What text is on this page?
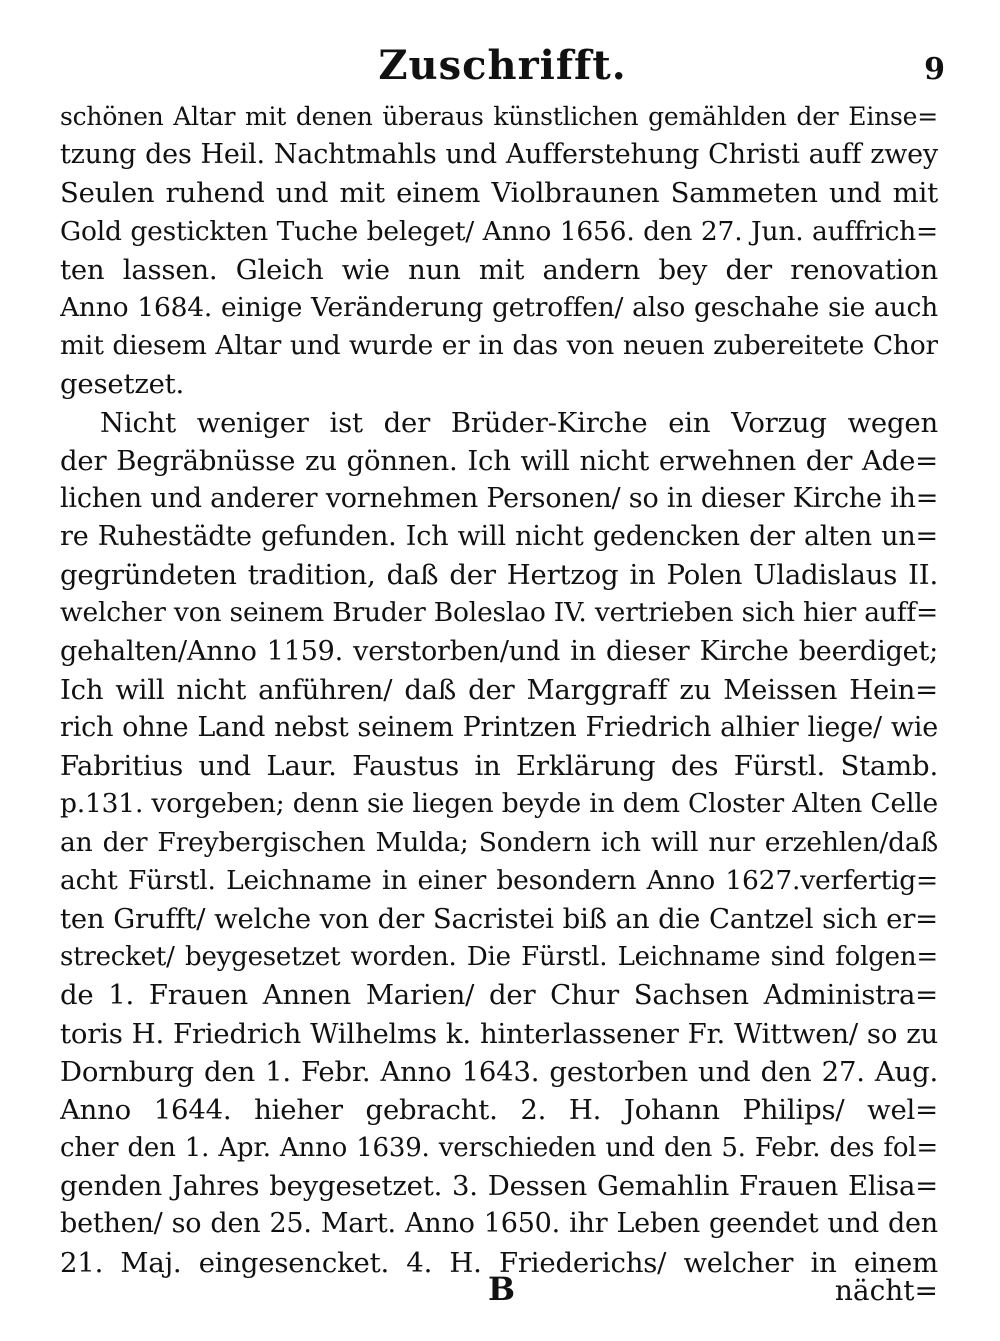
Zuschrifft.	9
schönen Altar mit denen überaus künstlichen gemählden der Einse=
tzung des Heil. Nachtmahls und Aufferstehung Christi auff zwey
Seulen ruhend und mit einem Violbraunen Sammeten und mit
Gold gestickten Tuche beleget/ Anno 1656. den 27. Jun. auffrich=
ten lassen. Gleich wie nun mit andern bey der renovation
Anno 1684. einige Veränderung getroffen/ also geschahe sie auch
mit diesem Altar und wurde er in das von neuen zubereitete Chor
gesetzet.
Nicht weniger ist der Brüder-Kirche ein Vorzug wegen
der Begräbnüsse zu gönnen. Ich will nicht erwehnen der Ade=
lichen und anderer vornehmen Personen/ so in dieser Kirche ih=
re Ruhestädte gefunden. Ich will nicht gedencken der alten un=
gegründeten tradition, daß der Hertzog in Polen Uladislaus II.
welcher von seinem Bruder Boleslao IV. vertrieben sich hier auff=
gehalten/Anno 1159. verstorben/und in dieser Kirche beerdiget;
Ich will nicht anführen/ daß der Marggraff zu Meissen Hein=
rich ohne Land nebst seinem Printzen Friedrich alhier liege/ wie
Fabritius und Laur. Faustus in Erklärung des Fürstl. Stamb.
p.131. vorgeben; denn sie liegen beyde in dem Closter Alten Celle
an der Freybergischen Mulda; Sondern ich will nur erzehlen/daß
acht Fürstl. Leichname in einer besondern Anno 1627.verfertig=
ten Grufft/ welche von der Sacristei biß an die Cantzel sich er=
strecket/ beygesetzet worden. Die Fürstl. Leichname sind folgen=
de 1. Frauen Annen Marien/ der Chur Sachsen Administra=
toris H. Friedrich Wilhelms k. hinterlassener Fr. Wittwen/ so zu
Dornburg den 1. Febr. Anno 1643. gestorben und den 27. Aug.
Anno 1644. hieher gebracht. 2. H. Johann Philips/ wel=
cher den 1. Apr. Anno 1639. verschieden und den 5. Febr. des fol=
genden Jahres beygesetzet. 3. Dessen Gemahlin Frauen Elisa=
bethen/ so den 25. Mart. Anno 1650. ihr Leben geendet und den
21. Maj. eingesencket. 4. H. Friederichs/ welcher in einem
B	nächt=
